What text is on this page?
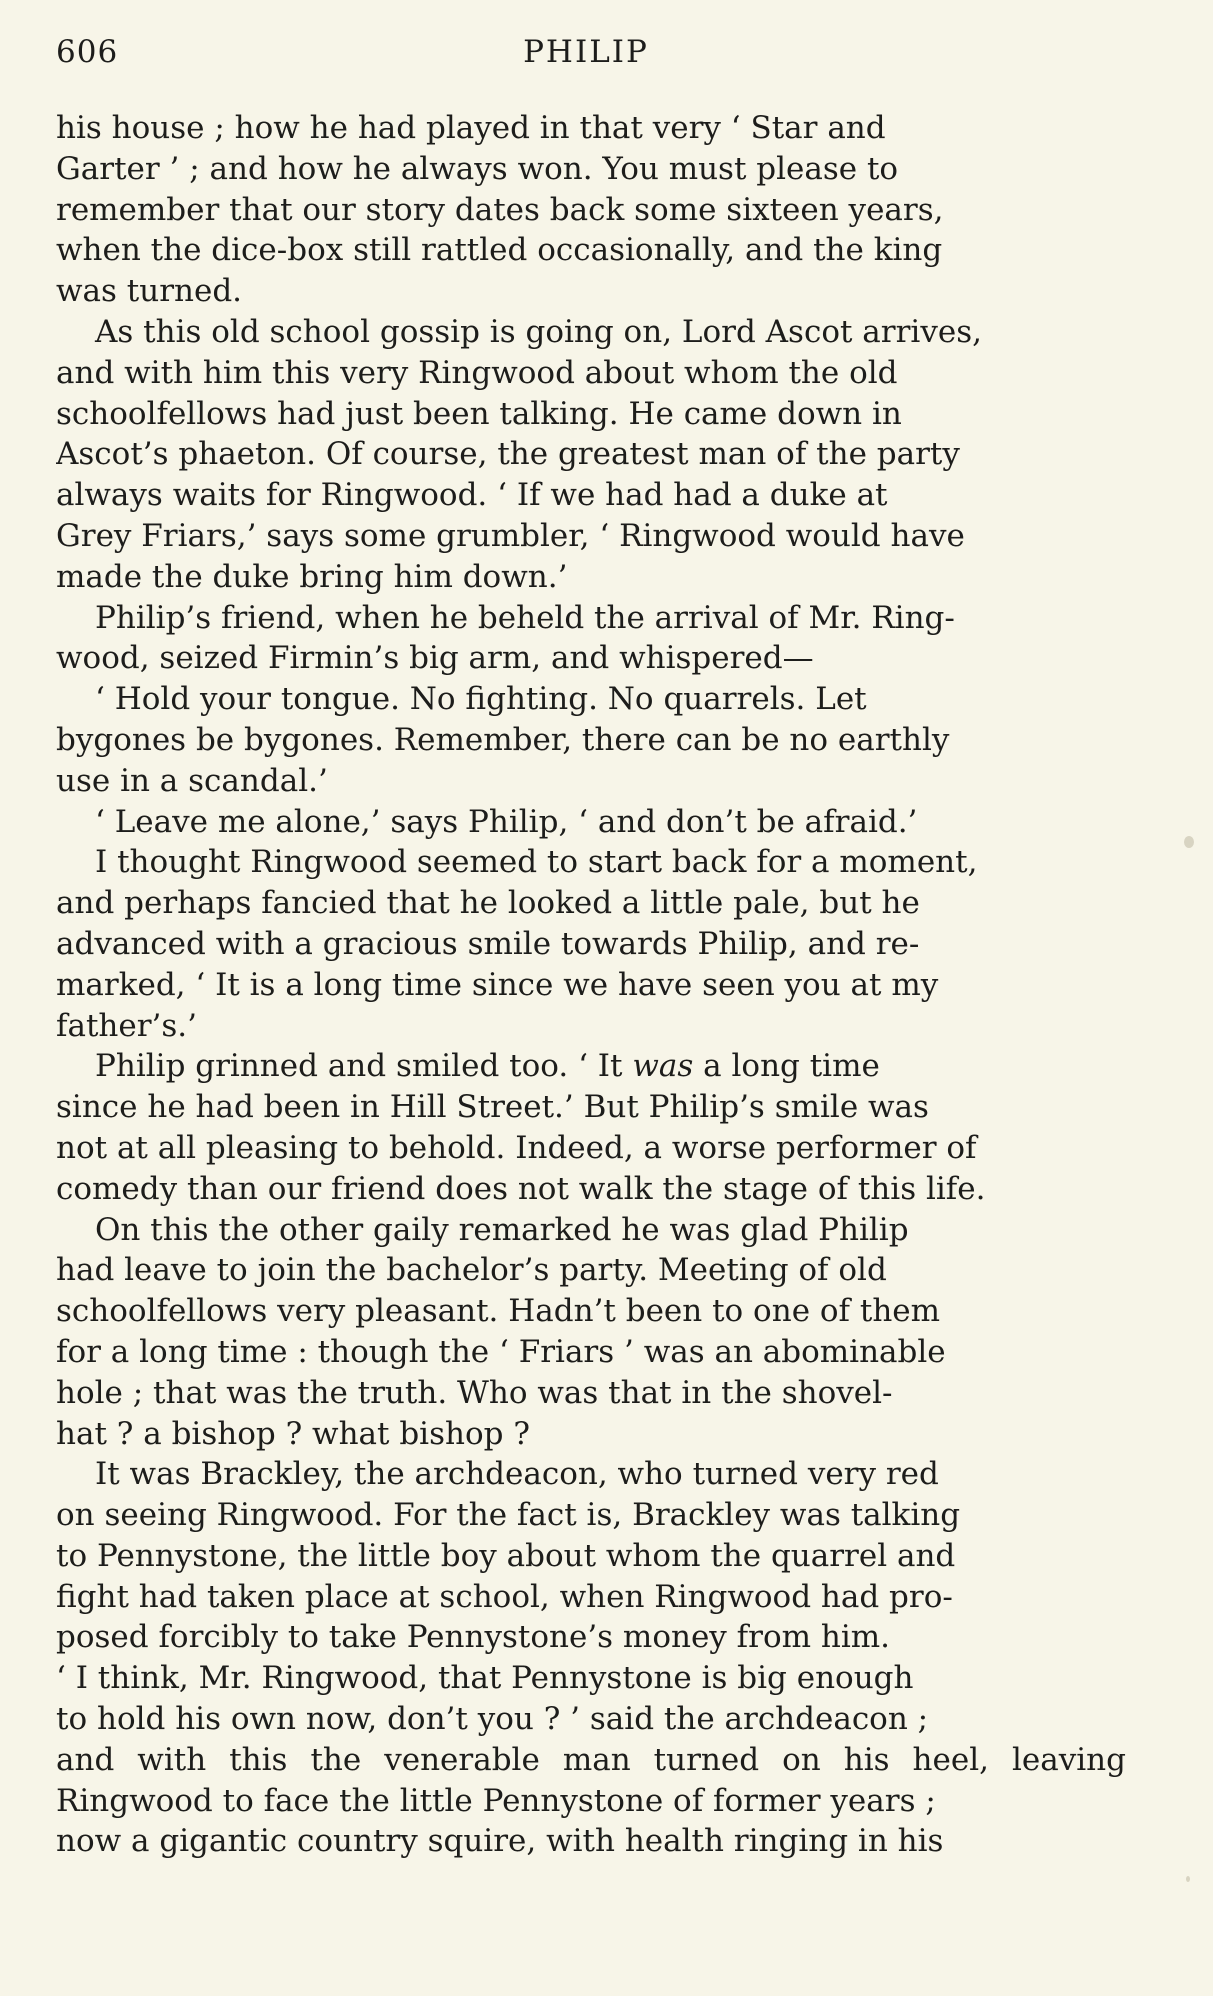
606	PHILIP
his house ; how he had played in that very ‘ Star and
Garter ’ ; and how he always won. You must please to
remember that our story dates back some sixteen years,
when the dice-box still rattled occasionally, and the king
was turned.
As this old school gossip is going on, Lord Ascot arrives,
and with him this very Ringwood about whom the old
schoolfellows had just been talking. He came down in
Ascot’s phaeton. Of course, the greatest man of the party
always waits for Ringwood. ‘ If we had had a duke at
Grey Friars,’ says some grumbler, ‘ Ringwood would have
made the duke bring him down.’
Philip’s friend, when he beheld the arrival of Mr. Ring-
wood, seized Firmin’s big arm, and whispered—
‘ Hold your tongue. No fighting. No quarrels. Let
bygones be bygones. Remember, there can be no earthly
use in a scandal.’
‘ Leave me alone,’ says Philip, ‘ and don’t be afraid.’
I thought Ringwood seemed to start back for a moment,
and perhaps fancied that he looked a little pale, but he
advanced with a gracious smile towards Philip, and re-
marked, ‘ It is a long time since we have seen you at my
father’s.’
Philip grinned and smiled too. ‘ It was a long time
since he had been in Hill Street.’ But Philip’s smile was
not at all pleasing to behold. Indeed, a worse performer of
comedy than our friend does not walk the stage of this life.
On this the other gaily remarked he was glad Philip
had leave to join the bachelor’s party. Meeting of old
schoolfellows very pleasant. Hadn’t been to one of them
for a long time : though the ‘ Friars ’ was an abominable
hole ; that was the truth. Who was that in the shovel-
hat ? a bishop ? what bishop ?
It was Brackley, the archdeacon, who turned very red
on seeing Ringwood. For the fact is, Brackley was talking
to Pennystone, the little boy about whom the quarrel and
fight had taken place at school, when Ringwood had pro-
posed forcibly to take Pennystone’s money from him.
‘ I think, Mr. Ringwood, that Pennystone is big enough
to hold his own now, don’t you ? ’ said the archdeacon ;
and with this the venerable man turned on his heel, leaving
Ringwood to face the little Pennystone of former years ;
now a gigantic country squire, with health ringing in his
